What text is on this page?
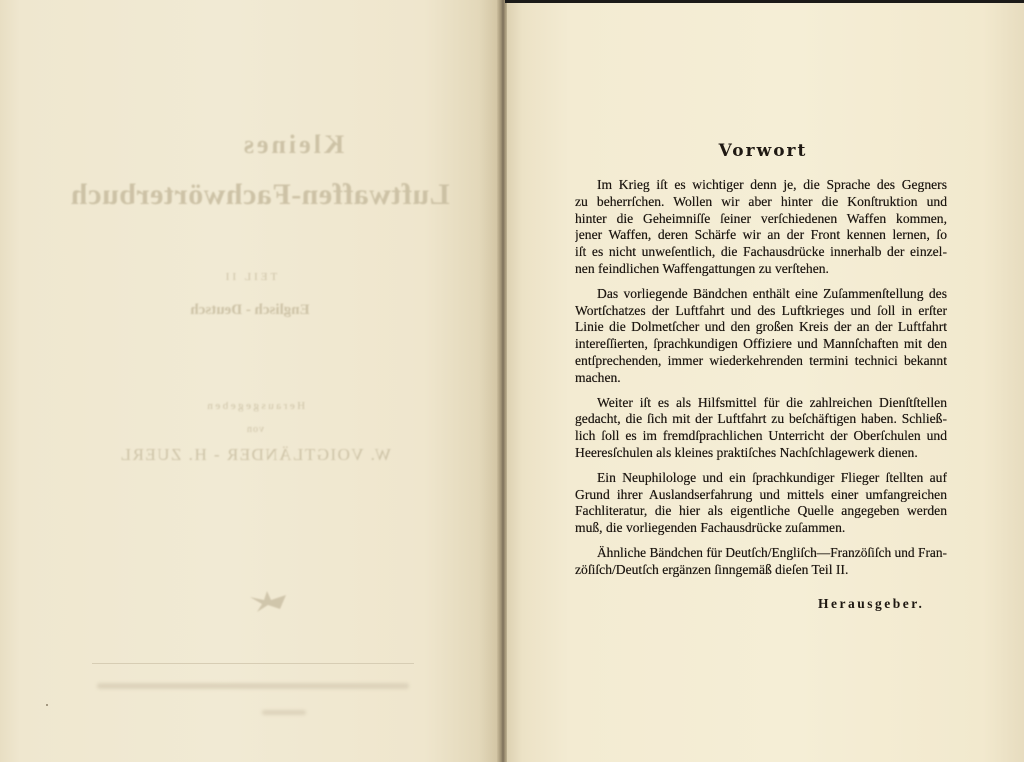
Kleines
Luftwaffen-Fachwörterbuch
TEIL II
Englisch - Deutsch
Herausgegeben
von
W. VOIGTLÄNDER - H. ZUERL
Vorwort
Im Krieg iſt es wichtiger denn je, die Sprache des Gegners
zu beherrſchen. Wollen wir aber hinter die Konſtruktion und
hinter die Geheimniſſe ſeiner verſchiedenen Waffen kommen,
jener Waffen, deren Schärfe wir an der Front kennen lernen, ſo
iſt es nicht unweſentlich, die Fachausdrücke innerhalb der einzel-
nen feindlichen Waffengattungen zu verſtehen.
Das vorliegende Bändchen enthält eine Zuſammenſtellung des
Wortſchatzes der Luftfahrt und des Luftkrieges und ſoll in erſter
Linie die Dolmetſcher und den großen Kreis der an der Luftfahrt
intereſſierten, ſprachkundigen Offiziere und Mannſchaften mit den
entſprechenden, immer wiederkehrenden termini technici bekannt
machen.
Weiter iſt es als Hilfsmittel für die zahlreichen Dienſtſtellen
gedacht, die ſich mit der Luftfahrt zu beſchäftigen haben. Schließ-
lich ſoll es im fremdſprachlichen Unterricht der Oberſchulen und
Heeresſchulen als kleines praktiſches Nachſchlagewerk dienen.
Ein Neuphilologe und ein ſprachkundiger Flieger ſtellten auf
Grund ihrer Auslandserfahrung und mittels einer umfangreichen
Fachliteratur, die hier als eigentliche Quelle angegeben werden
muß, die vorliegenden Fachausdrücke zuſammen.
Ähnliche Bändchen für Deutſch/Engliſch—Franzöſiſch und Fran-
zöſiſch/Deutſch ergänzen ſinngemäß dieſen Teil II.
Herausgeber.
